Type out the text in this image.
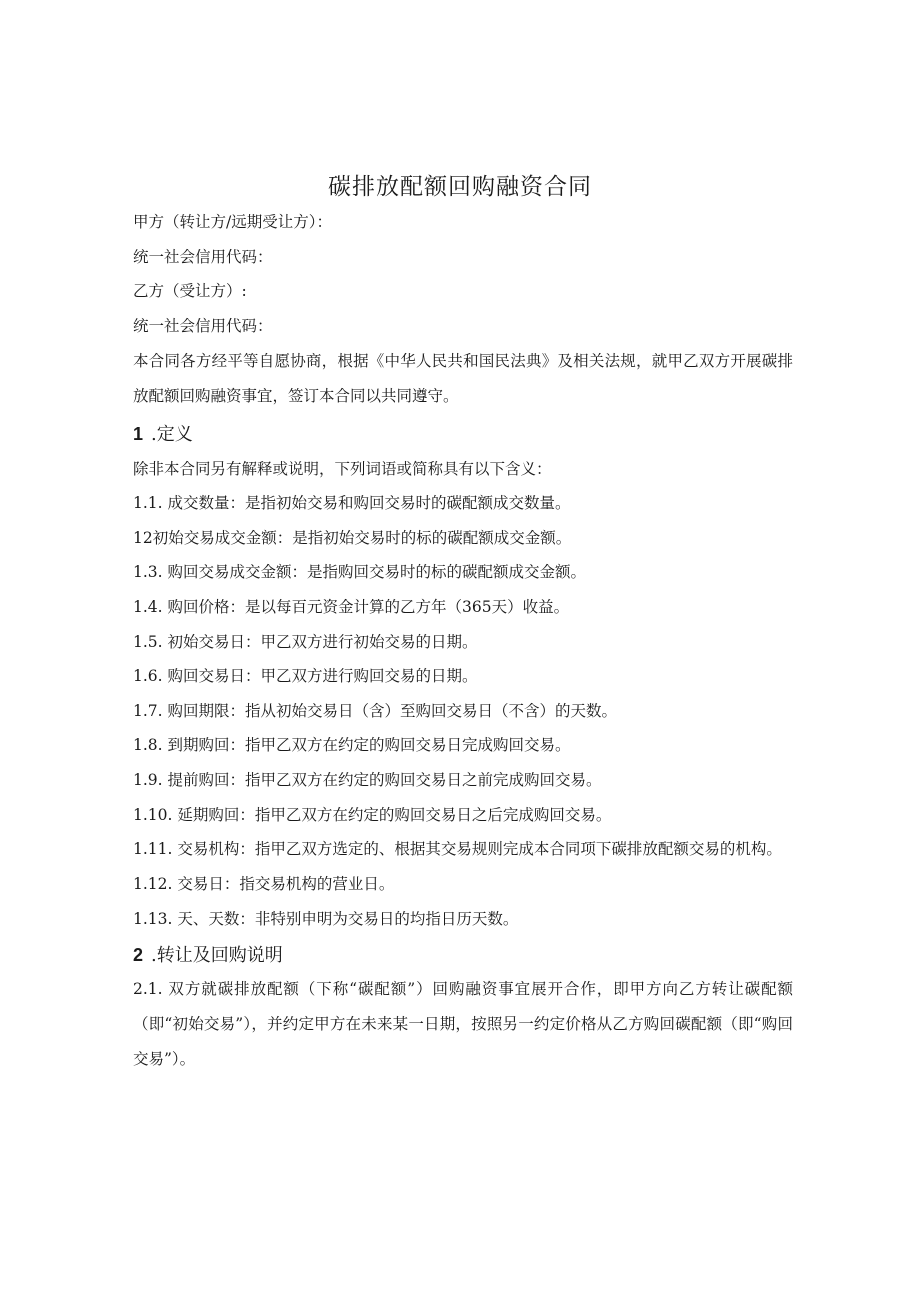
碳排放配额回购融资合同

甲方（转让方/远期受让方）：

统一社会信用代码：

乙方（受让方）:

统一社会信用代码：

本合同各方经平等自愿协商，根据《中华人民共和国民法典》及相关法规，就甲乙双方开展碳排放配额回购融资事宜，签订本合同以共同遵守。

1 .定义

除非本合同另有解释或说明，下列词语或简称具有以下含义：

1.1. 成交数量：是指初始交易和购回交易时的碳配额成交数量。

12初始交易成交金额：是指初始交易时的标的碳配额成交金额。

1.3. 购回交易成交金额：是指购回交易时的标的碳配额成交金额。

1.4. 购回价格：是以每百元资金计算的乙方年（365天）收益。

1.5. 初始交易日：甲乙双方进行初始交易的日期。

1.6. 购回交易日：甲乙双方进行购回交易的日期。

1.7. 购回期限：指从初始交易日（含）至购回交易日（不含）的天数。

1.8. 到期购回：指甲乙双方在约定的购回交易日完成购回交易。

1.9. 提前购回：指甲乙双方在约定的购回交易日之前完成购回交易。

1.10. 延期购回：指甲乙双方在约定的购回交易日之后完成购回交易。

1.11. 交易机构：指甲乙双方选定的、根据其交易规则完成本合同项下碳排放配额交易的机构。

1.12. 交易日：指交易机构的营业日。

1.13. 天、天数：非特别申明为交易日的均指日历天数。

2 .转让及回购说明

2.1. 双方就碳排放配额（下称“碳配额”）回购融资事宜展开合作，即甲方向乙方转让碳配额（即“初始交易”），并约定甲方在未来某一日期，按照另一约定价格从乙方购回碳配额（即“购回交易”）。
